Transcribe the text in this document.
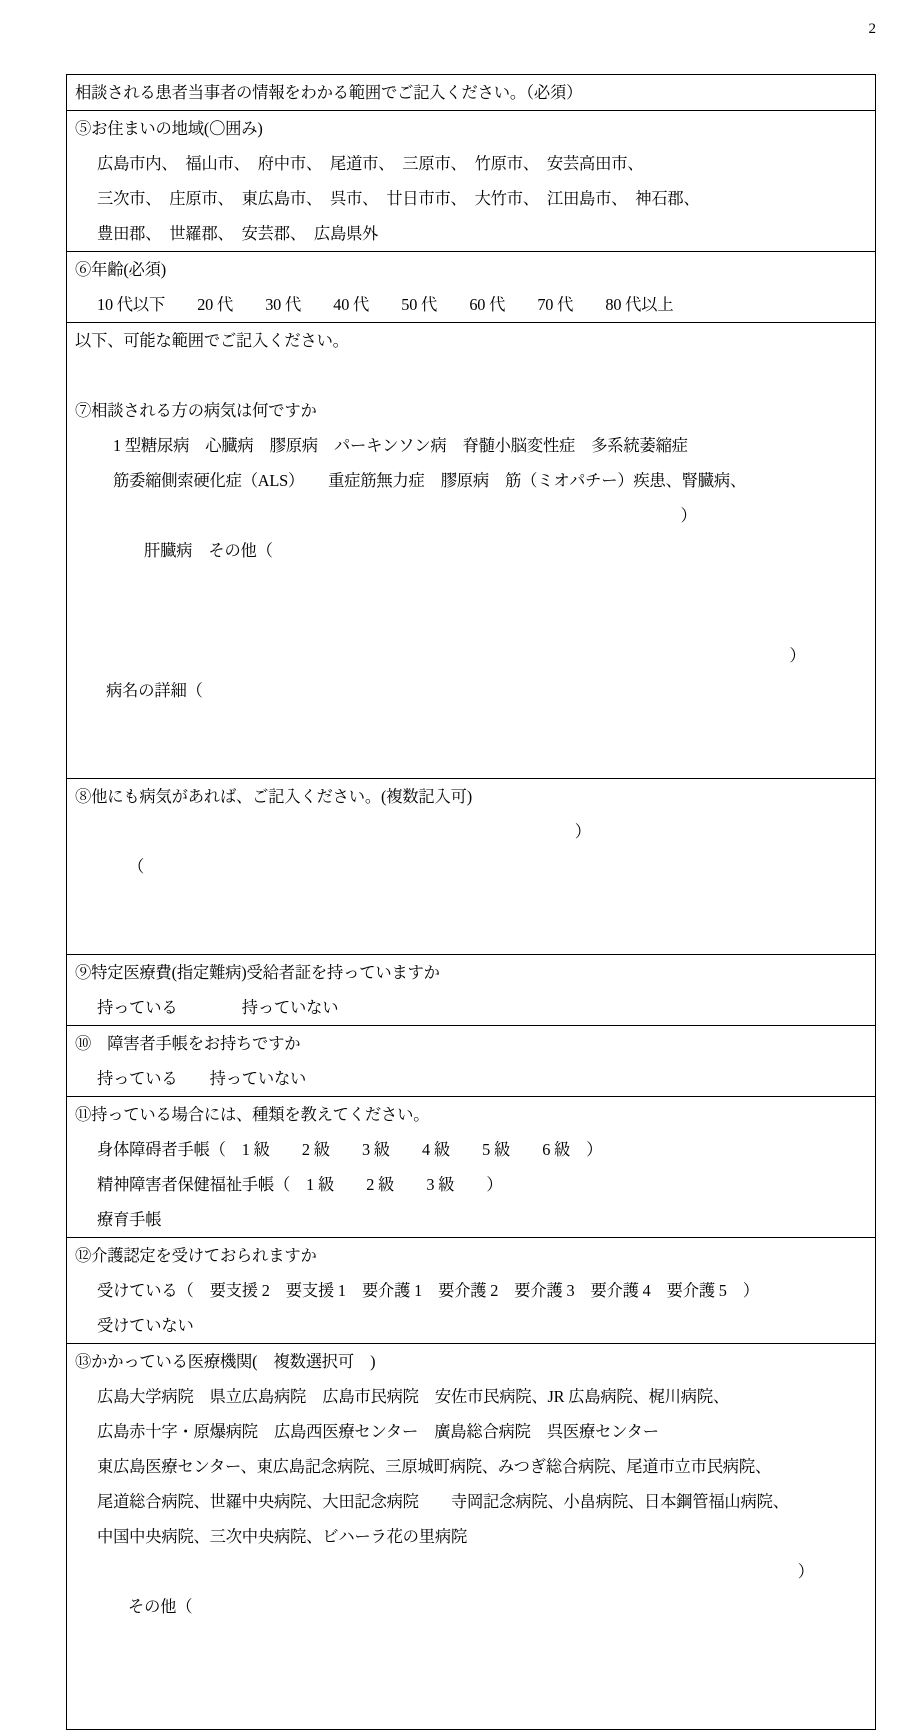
2
相談される患者当事者の情報をわかる範囲でご記入ください。（必須）
⑤お住まいの地域(〇囲み)
広島市内、　福山市、　府中市、　尾道市、　三原市、　竹原市、　安芸高田市、
三次市、　庄原市、　東広島市、　呉市、　廿日市市、　大竹市、　江田島市、　神石郡、
豊田郡、　世羅郡、　安芸郡、　広島県外
⑥年齢(必須)
10 代以下　　20 代　　30 代　　40 代　　50 代　　60 代　　70 代　　80 代以上
以下、可能な範囲でご記入ください。
⑦相談される方の病気は何ですか
1 型糖尿病　心臓病　膠原病　パーキンソン病　脊髄小脳変性症　多系統萎縮症
筋委縮側索硬化症（ALS）　　重症筋無力症　膠原病　筋（ミオパチー）疾患、腎臓病、

肝臓病　その他（

）

病名の詳細（

）

⑧他にも病気があれば、ご記入ください。(複数記入可)

（

）

⑨特定医療費(指定難病)受給者証を持っていますか
持っている　　　　持っていない
⑩　障害者手帳をお持ちですか
持っている　　持っていない
⑪持っている場合には、種類を教えてください。
身体障碍者手帳（　1 級　　2 級　　3 級　　4 級　　5 級　　6 級　）
精神障害者保健福祉手帳（　1 級　　2 級　　3 級　　）
療育手帳
⑫介護認定を受けておられますか
受けている（　要支援 2　要支援 1　要介護 1　要介護 2　要介護 3　要介護 4　要介護 5　）
受けていない
⑬かかっている医療機関(　複数選択可　)
広島大学病院　県立広島病院　広島市民病院　安佐市民病院、JR 広島病院、梶川病院、
広島赤十字・原爆病院　広島西医療センター　廣島総合病院　呉医療センター
東広島医療センター、東広島記念病院、三原城町病院、みつぎ総合病院、尾道市立市民病院、
尾道総合病院、世羅中央病院、大田記念病院　　寺岡記念病院、小畠病院、日本鋼管福山病院、
中国中央病院、三次中央病院、ビハーラ花の里病院

その他（

）
